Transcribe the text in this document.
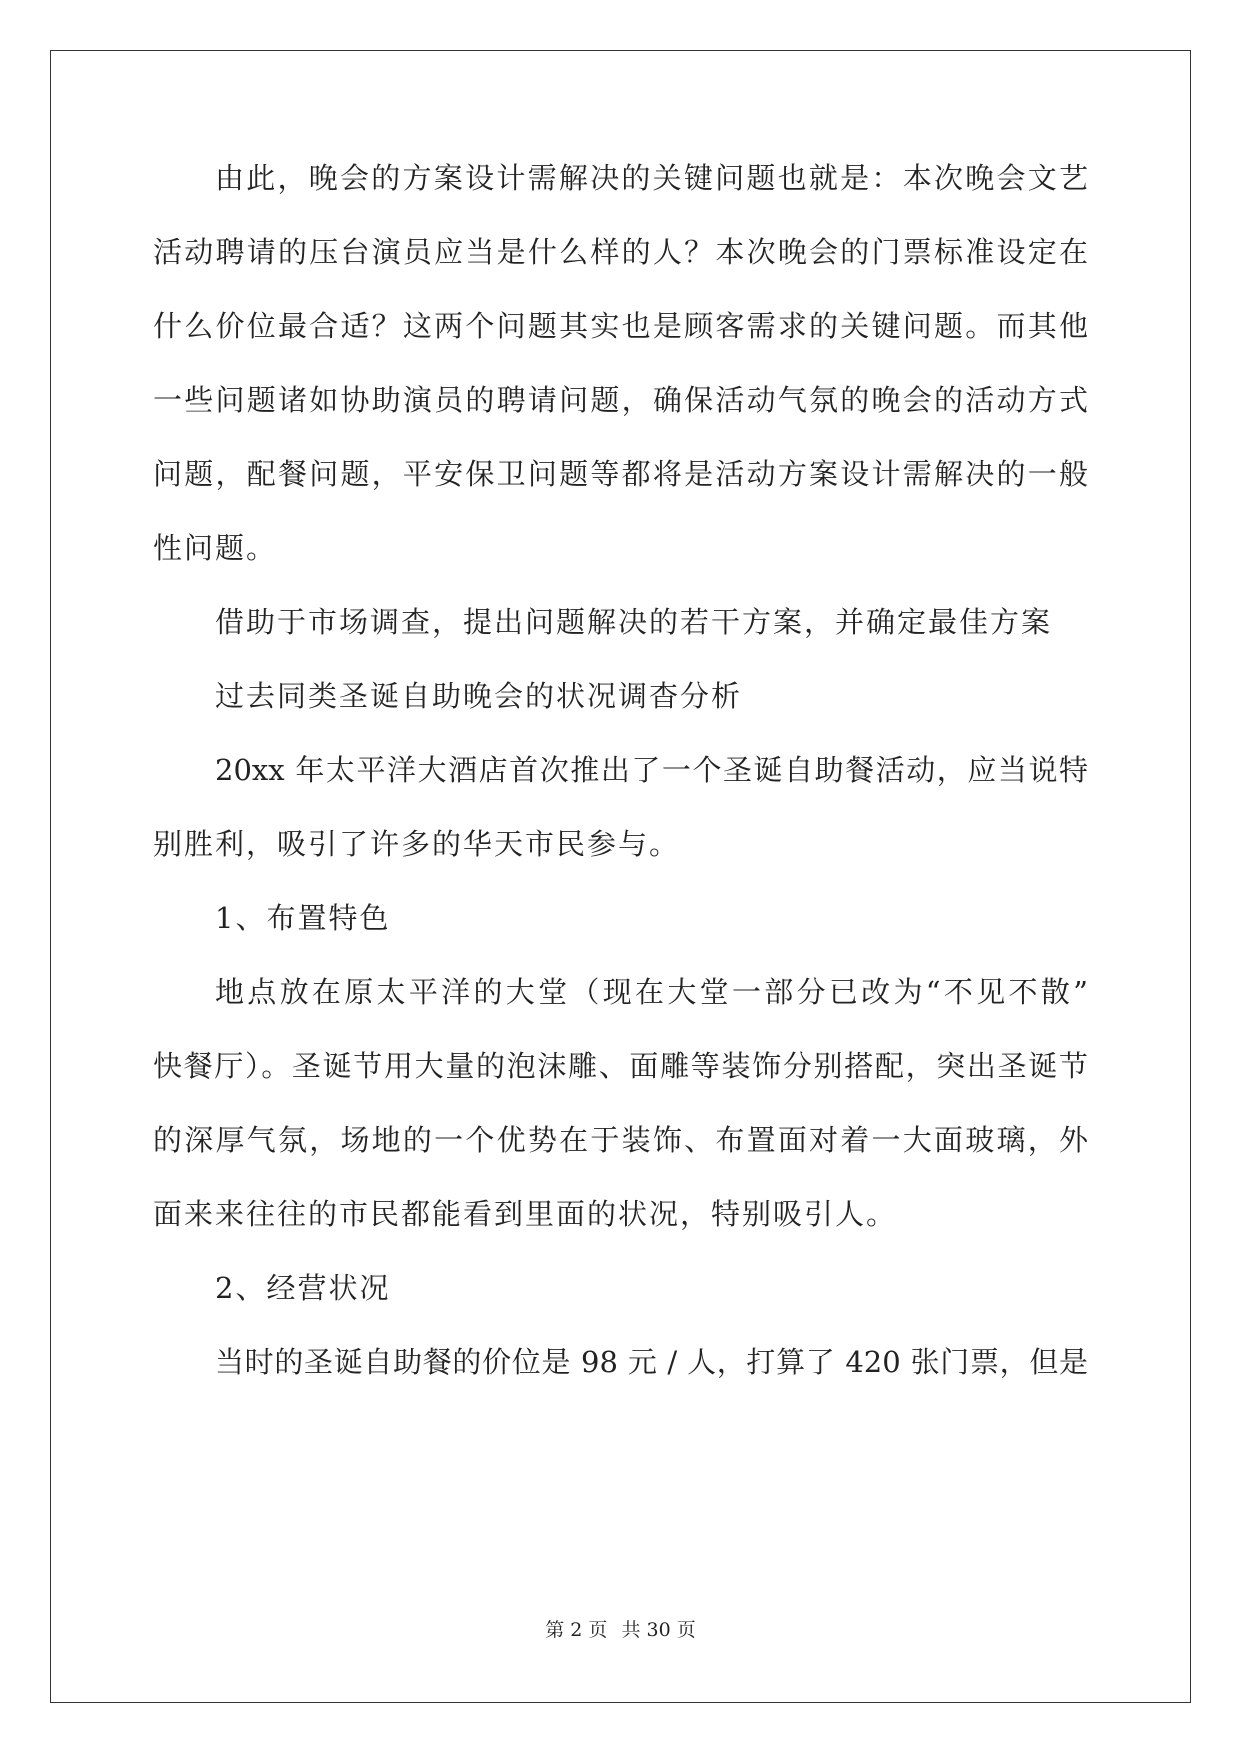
由此，晚会的方案设计需解决的关键问题也就是：本次晚会文艺
活动聘请的压台演员应当是什么样的人？本次晚会的门票标准设定在
什么价位最合适？这两个问题其实也是顾客需求的关键问题。而其他
一些问题诸如协助演员的聘请问题，确保活动气氛的晚会的活动方式
问题，配餐问题，平安保卫问题等都将是活动方案设计需解决的一般
性问题。
借助于市场调查，提出问题解决的若干方案，并确定最佳方案
过去同类圣诞自助晚会的状况调杳分析
20xx 年太平洋大酒店首次推出了一个圣诞自助餐活动，应当说特
别胜利，吸引了许多的华天市民参与。
1、布置特色
地点放在原太平洋的大堂（现在大堂一部分已改为“不见不散”
快餐厅）。圣诞节用大量的泡沫雕、面雕等装饰分别搭配，突出圣诞节
的深厚气氛，场地的一个优势在于装饰、布置面对着一大面玻璃，外
面来来往往的市民都能看到里面的状况，特别吸引人。
2、经营状况
当时的圣诞自助餐的价位是 98 元 / 人，打算了 420 张门票，但是
第 2 页 共 30 页
